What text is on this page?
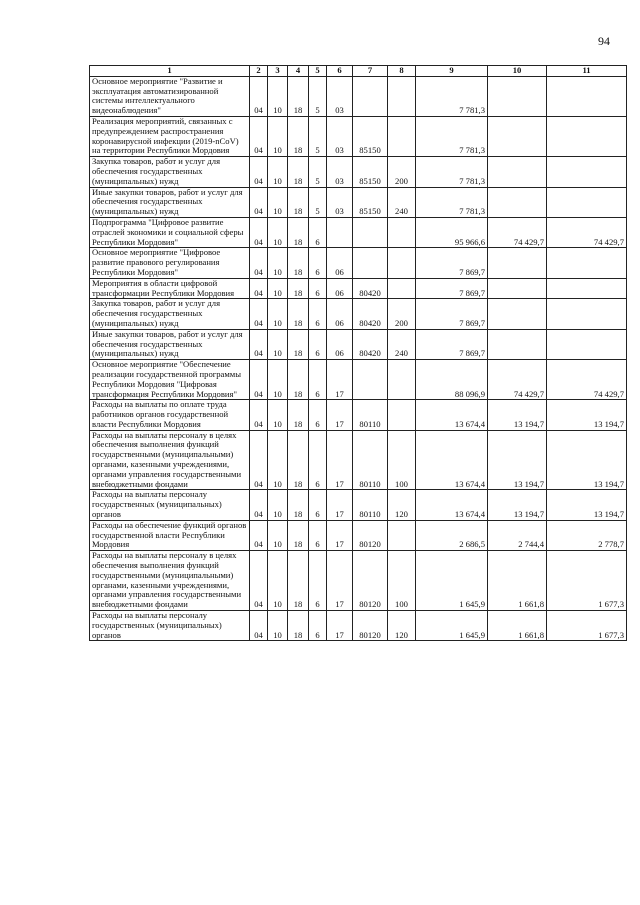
94
1	2	3	4	5	6	7	8	9	10	11
Основное мероприятие "Развитие и эксплуатация автоматизированной системы интеллектуального видеонаблюдения"	04	10	18	5	03			7 781,3		
Реализация мероприятий, связанных с предупреждением распространения коронавирусной инфекции (2019-nCoV) на территории Республики Мордовия	04	10	18	5	03	85150		7 781,3		
Закупка товаров, работ и услуг для обеспечения государственных (муниципальных) нужд	04	10	18	5	03	85150	200	7 781,3		
Иные закупки товаров, работ и услуг для обеспечения государственных (муниципальных) нужд	04	10	18	5	03	85150	240	7 781,3		
Подпрограмма "Цифровое развитие отраслей экономики и социальной сферы Республики Мордовия"	04	10	18	6				95 966,6	74 429,7	74 429,7
Основное мероприятие "Цифровое развитие правового регулирования Республики Мордовия"	04	10	18	6	06			7 869,7		
Мероприятия в области цифровой трансформации Республики Мордовия	04	10	18	6	06	80420		7 869,7		
Закупка товаров, работ и услуг для обеспечения государственных (муниципальных) нужд	04	10	18	6	06	80420	200	7 869,7		
Иные закупки товаров, работ и услуг для обеспечения государственных (муниципальных) нужд	04	10	18	6	06	80420	240	7 869,7		
Основное мероприятие "Обеспечение реализации государственной программы Республики Мордовия "Цифровая трансформация Республики Мордовия"	04	10	18	6	17			88 096,9	74 429,7	74 429,7
Расходы на выплаты по оплате труда работников органов государственной власти Республики Мордовия	04	10	18	6	17	80110		13 674,4	13 194,7	13 194,7
Расходы на выплаты персоналу в целях обеспечения выполнения функций государственными (муниципальными) органами, казенными учреждениями, органами управления государственными внебюджетными фондами	04	10	18	6	17	80110	100	13 674,4	13 194,7	13 194,7
Расходы на выплаты персоналу государственных (муниципальных) органов	04	10	18	6	17	80110	120	13 674,4	13 194,7	13 194,7
Расходы на обеспечение функций органов государственной власти Республики Мордовия	04	10	18	6	17	80120		2 686,5	2 744,4	2 778,7
Расходы на выплаты персоналу в целях обеспечения выполнения функций государственными (муниципальными) органами, казенными учреждениями, органами управления государственными внебюджетными фондами	04	10	18	6	17	80120	100	1 645,9	1 661,8	1 677,3
Расходы на выплаты персоналу государственных (муниципальных) органов	04	10	18	6	17	80120	120	1 645,9	1 661,8	1 677,3
